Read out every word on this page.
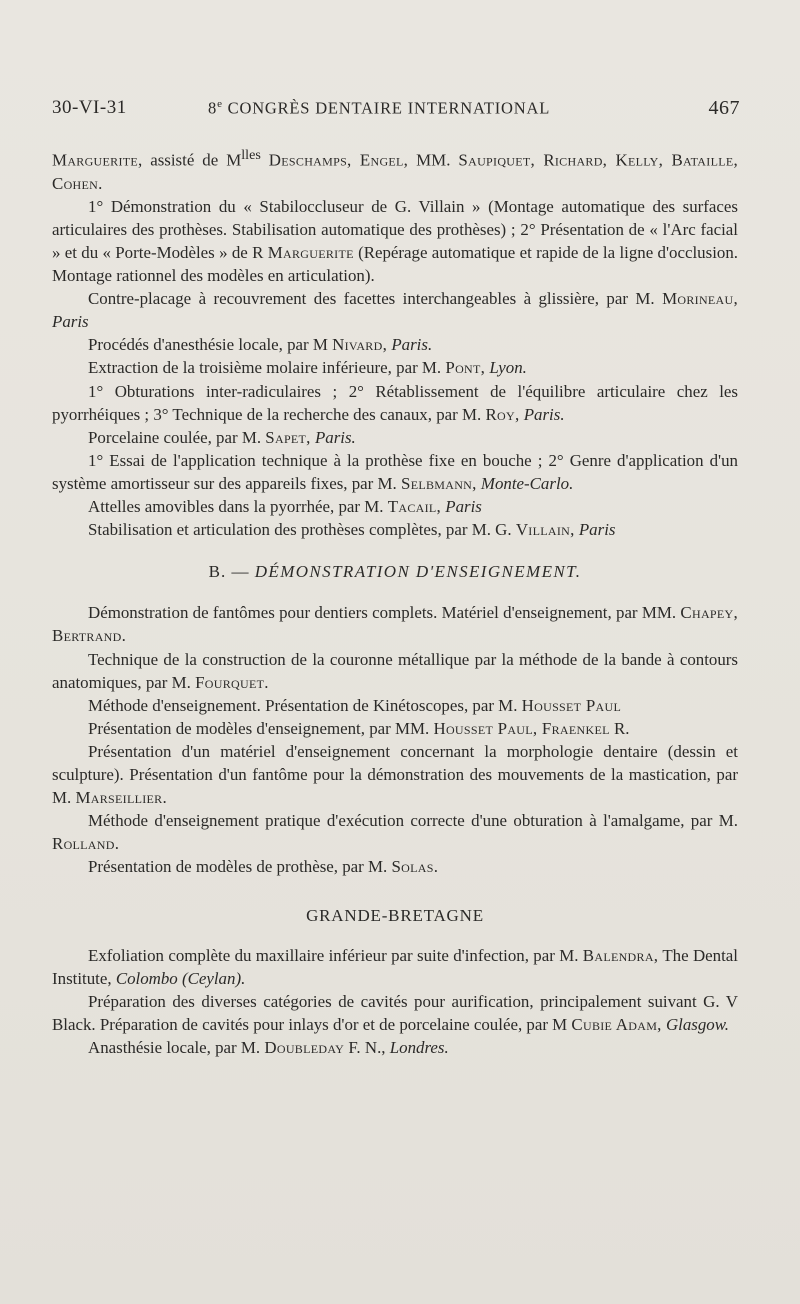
30-VI-31	8e CONGRÈS DENTAIRE INTERNATIONAL	467

Marguerite, assisté de $M^{lles}$ Deschamps, Engel, MM. Saupiquet, Richard, Kelly, Bataille, Cohen.

1° Démonstration du « Stabiloccluseur de G. Villain » (Montage automatique des surfaces articulaires des prothèses. Stabilisation automatique des prothèses) ; 2° Présentation de « l'Arc facial » et du « Porte-Modèles » de R Marguerite (Repérage automatique et rapide de la ligne d'occlusion. Montage rationnel des modèles en articulation).

Contre-placage à recouvrement des facettes interchangeables à glissière, par M. Morineau, Paris

Procédés d'anesthésie locale, par M Nivard, Paris.

Extraction de la troisième molaire inférieure, par M. Pont, Lyon.

1° Obturations inter-radiculaires ; 2° Rétablissement de l'équilibre articulaire chez les pyorrhéiques ; 3° Technique de la recherche des canaux, par M. Roy, Paris.

Porcelaine coulée, par M. Sapet, Paris.

1° Essai de l'application technique à la prothèse fixe en bouche ; 2° Genre d'application d'un système amortisseur sur des appareils fixes, par M. Selbmann, Monte-Carlo.

Attelles amovibles dans la pyorrhée, par M. Tacail, Paris

Stabilisation et articulation des prothèses complètes, par M. G. Villain, Paris

B. — DÉMONSTRATION D'ENSEIGNEMENT.

Démonstration de fantômes pour dentiers complets. Matériel d'enseignement, par MM. Chapey, Bertrand.

Technique de la construction de la couronne métallique par la méthode de la bande à contours anatomiques, par M. Fourquet.

Méthode d'enseignement. Présentation de Kinétoscopes, par M. Housset Paul

Présentation de modèles d'enseignement, par MM. Housset Paul, Fraenkel R.

Présentation d'un matériel d'enseignement concernant la morphologie dentaire (dessin et sculpture). Présentation d'un fantôme pour la démonstration des mouvements de la mastication, par M. Marseillier.

Méthode d'enseignement pratique d'exécution correcte d'une obturation à l'amalgame, par M. Rolland.

Présentation de modèles de prothèse, par M. Solas.

GRANDE-BRETAGNE

Exfoliation complète du maxillaire inférieur par suite d'infection, par M. Balendra, The Dental Institute, Colombo (Ceylan).

Préparation des diverses catégories de cavités pour aurification, principalement suivant G. V Black. Préparation de cavités pour inlays d'or et de porcelaine coulée, par M Cubie Adam, Glasgow.

Anasthésie locale, par M. Doubleday F. N., Londres.
